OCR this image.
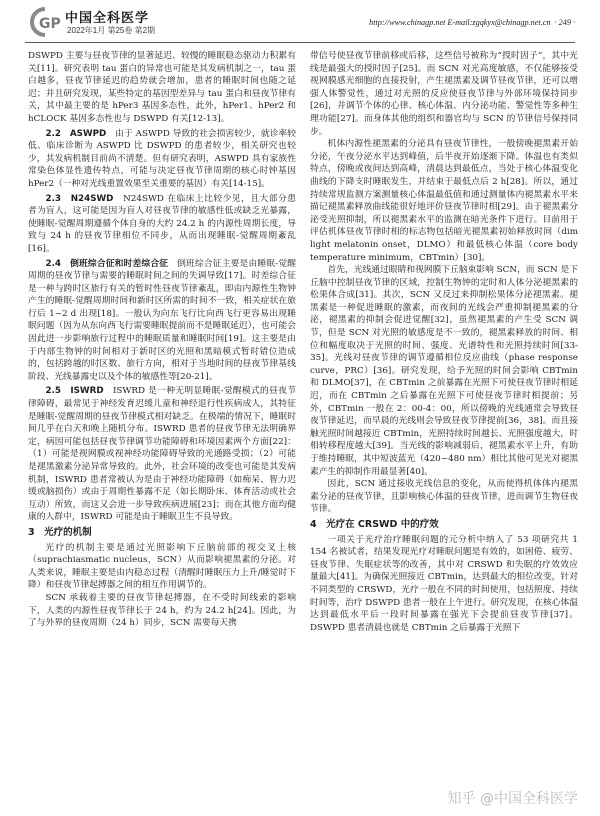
GP 中国全科医学
2022年1月 第25卷 第2期
http://www.chinagp.net E-mail:zgqkyx@chinagp.net.cn · 249 ·

DSWPD 主要与昼夜节律的显著延迟、较慢的睡眠稳态驱动力积累有关[11]。研究表明 tau 蛋白的异常也可能是其发病机制之一，tau 蛋白越多，昼夜节律延迟的趋势就会增加，患者的睡眠时间也随之延迟；并且研究发现，某些特定的基因型差异与 tau 蛋白和昼夜节律有关，其中最主要的是 hPer3 基因多态性，此外，hPer1、hPer2 和 hCLOCK 基因多态性也与 DSWPD 有关[12-13]。

2.2　ASWPD　由于 ASWPD 导致的社会损害较少，就诊率较低、临床诊断为 ASWPD 比 DSWPD 的患者较少，相关研究也较少，其发病机制目前尚不清楚。但有研究表明，ASWPD 具有家族性常染色体显性遗传特点，可能与决定昼夜节律周期的核心时钟基因 hPer2（一种对光线重置效果至关重要的基因）有关[14-15]。

2.3　N24SWD　N24SWD 在临床上比较少见，且大部分患者为盲人，这可能是因为盲人对昼夜节律的敏感性低或缺乏光暴露，使睡眠-觉醒周期遵循个体自身的大约 24.2 h 的内源性周期长度，导致与 24 h 的昼夜节律相位不同步，从而出现睡眠-觉醒周期紊乱[16]。

2.4　倒班综合征和时差综合征　倒班综合征主要是由睡眠-觉醒周期的昼夜节律与需要的睡眠时间之间的失调导致[17]。时差综合征是一种与跨时区旅行有关的暂时性昼夜节律紊乱，即由内源性生物钟产生的睡眠-觉醒周期时间和新时区所需的时间不一致，相关症状在旅行后 1~2 d 出现[18]。一般认为向东飞行比向西飞行更容易出现睡眠问题（因为从东向西飞行需要睡眠提前而不是睡眠延迟），也可能会因此进一步影响旅行过程中的睡眠质量和睡眠时间[19]。这主要是由于内部生物钟的时间相对于新时区的光照和黑暗模式暂时错位造成的，包括跨越的时区数、旅行方向，相对于当地时间的昼夜节律基线阶段、光线暴露史以及个体的敏感性等[20-21]。

2.5　ISWRD　ISWRD 是一种无明显睡眠-觉醒模式的昼夜节律障碍，最常见于神经发育迟缓儿童和神经退行性疾病成人，其特征是睡眠-觉醒周期的昼夜节律模式相对缺乏。在极端的情况下，睡眠时间几乎在白天和晚上随机分布。ISWRD 患者的昼夜节律无法明确界定，病因可能包括昼夜节律调节功能障碍和环境因素两个方面[22]：（1）可能是视网膜或视神经功能障碍导致的光通路受损；（2）可能是褪黑激素分泌异常导致的。此外，社会环境的改变也可能是其发病机制，ISWRD 患者常被认为是由于神经功能障碍（如痴呆、智力迟缓或脑损伤）或由于周期性暴露不足（如长期卧床、体育活动或社会互动）所致，而这又会进一步导致疾病进展[23]；而在其他方面均健康的人群中，ISWRD 可能是由于睡眠卫生不良导致。

3　光疗的机制

光疗的机制主要是通过光照影响下丘脑前部的视交叉上核（suprachiasmatic nucleus，SCN）从而影响褪黑素的分泌。对人类来说，睡眠主要是由内稳态过程（清醒时睡眠压力上升/睡觉时下降）和昼夜节律起搏器之间的相互作用调节的。

SCN 承载着主要的昼夜节律起搏器，在不受时间线索的影响下，人类的内源性昼夜节律长于 24 h，约为 24.2 h[24]。因此，为了与外界的昼夜周期（24 h）同步，SCN 需要每天携

带信号使昼夜节律前移或后移，这些信号被称为“授时因子”，其中光线是最强大的授时因子[25]。而 SCN 对光高度敏感，不仅能够接受视网膜感光细胞的直接投射，产生褪黑素及调节昼夜节律，还可以增强人体警觉性，通过对光照的反应使昼夜节律与外部环境保持同步[26]，并调节个体的心律、核心体温、内分泌功能、警觉性等多种生理功能[27]。而身体其他的组织和器官均与 SCN 的节律信号保持同步。

机体内源性褪黑素的分泌具有昼夜节律性，一般傍晚褪黑素开始分泌，午夜分泌水平达到峰值，后半夜开始逐渐下降。体温也有类似特点，傍晚或夜间达到高峰，清晨达到最低点，当处于核心体温变化曲线的下降支时睡眠发生，并结束于最低点后 2 h[28]。所以，通过持续常规监测方案测量核心体温最低值和通过测量体内褪黑素水平来描记褪黑素释放曲线能很好地评价昼夜节律时相[29]。由于褪黑素分泌受光照抑制，所以褪黑素水平的监测在暗光条件下进行。目前用于评估机体昼夜节律时相的标志物包括暗光褪黑素初始释放时间（dim light melatonin onset，DLMO）和最低核心体温（core body temperature minimum，CBTmin）[30]。

首先，光线通过眼睛和视网膜下丘脑束影响 SCN，而 SCN 是下丘脑中控制昼夜节律的区域，控制生物钟的定时和人体分泌褪黑素的松果体合成[31]。其次，SCN 又反过来抑制松果体分泌褪黑素。褪黑素是一种促进睡眠的激素，而夜间的光线会严重抑制褪黑素的分泌，褪黑素的抑制会促进觉醒[32]，虽然褪黑素的产生受 SCN 调节，但是 SCN 对光照的敏感度是不一致的，褪黑素释放的时间、相位和幅度取决于光照的时间、强度、光谱特性和光照持续时间[33-35]。光线对昼夜节律的调节遵循相位反应曲线（phase response curve，PRC）[36]。研究发现，给予光照的时间会影响 CBTmin 和 DLMO[37]，在 CBTmin 之前暴露在光照下可使昼夜节律时相延迟，而在 CBTmin 之后暴露在光照下可使昼夜节律时相提前；另外，CBTmin 一般在 2：00-4：00，所以傍晚的光线通常会导致昼夜节律延迟，而早晨的光线则会导致昼夜节律提前[36，38]。而且接触光照时间越接近 CBTmin，光照持续时间越长、光照强度越大，时相转移程度越大[39]。当光线的影响减弱后，褪黑素水平上升，有助于维持睡眠，其中短波蓝光（420~480 nm）相比其他可见光对褪黑素产生的抑制作用最显著[40]。

因此，SCN 通过接收光线信息的变化，从而使得机体体内褪黑素分泌的昼夜节律，且影响核心体温的昼夜节律，进而调节生物昼夜节律。

4　光疗在 CRSWD 中的疗效

一项关于光疗治疗睡眠问题的元分析中纳入了 53 项研究共 1 154 名被试者，结果发现光疗对睡眠问题是有效的，如困倦、疲劳、昼夜节律、失眠症状等的改善，其中对 CRSWD 和失眠的疗效效应量最大[41]。为确保光照接近 CBTmin，达到最大的相位改变，针对不同类型的 CRSWD，光疗一般在不同的时间使用，包括照度、持续时间等，治疗 DSWPD 患者一般在上午进行。研究发现，在核心体温达到最低水平后一段时间暴露在强光下会提前昼夜节律[37]。DSWPD 患者清晨也就是 CBTmin 之后暴露于光照下

知乎 @中国全科医学
